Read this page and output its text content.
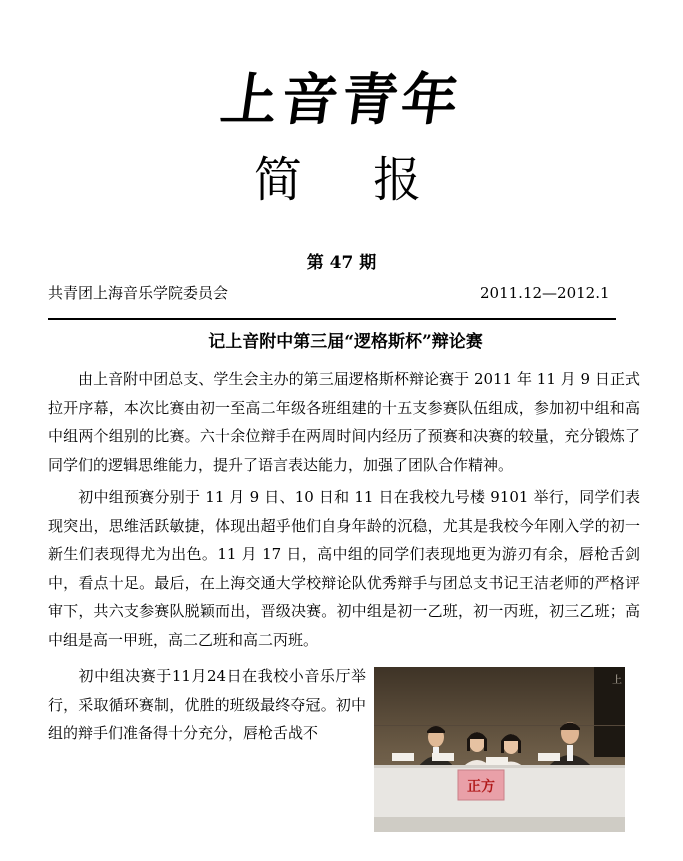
上音青年
简 报
第 47 期
共青团上海音乐学院委员会	2011.12—2012.1
记上音附中第三届“逻格斯杯”辩论赛

由上音附中团总支、学生会主办的第三届逻格斯杯辩论赛于 2011 年 11 月 9 日正式拉开序幕，本次比赛由初一至高二年级各班组建的十五支参赛队伍组成，参加初中组和高中组两个组别的比赛。六十余位辩手在两周时间内经历了预赛和决赛的较量，充分锻炼了同学们的逻辑思维能力，提升了语言表达能力，加强了团队合作精神。

初中组预赛分别于 11 月 9 日、10 日和 11 日在我校九号楼 9101 举行，同学们表现突出，思维活跃敏捷，体现出超乎他们自身年龄的沉稳，尤其是我校今年刚入学的初一新生们表现得尤为出色。11 月 17 日，高中组的同学们表现地更为游刃有余，唇枪舌剑中，看点十足。最后，在上海交通大学校辩论队优秀辩手与团总支书记王洁老师的严格评审下，共六支参赛队脱颖而出，晋级决赛。初中组是初一乙班，初一丙班，初三乙班；高中组是高一甲班，高二乙班和高二丙班。

初中组决赛于11月24日在我校小音乐厅举行，采取循环赛制，优胜的班级最终夺冠。初中组的辩手们准备得十分充分，唇枪舌战不

上
正方
